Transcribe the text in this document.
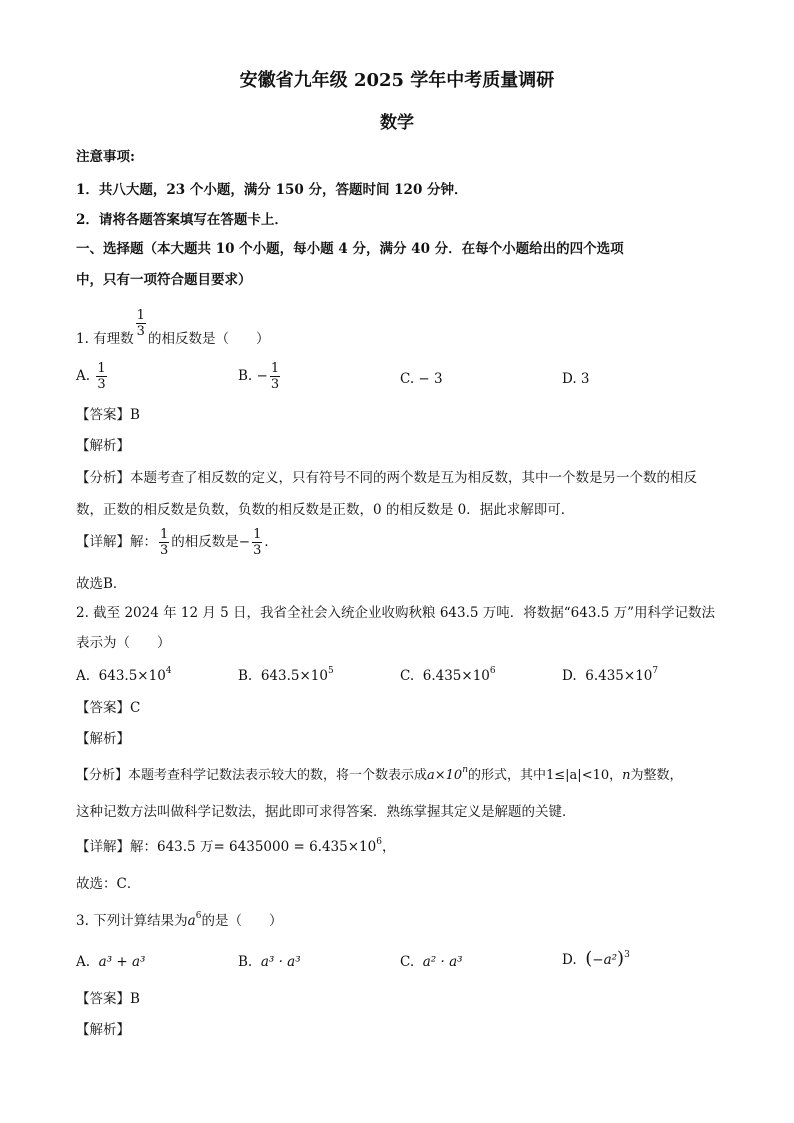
安徽省九年级 2025 学年中考质量调研
数学
注意事项:
1．共八大题，23 个小题，满分 150 分，答题时间 120 分钟．
2．请将各题答案填写在答题卡上．
一、选择题（本大题共 10 个小题，每小题 4 分，满分 40 分．在每个小题给出的四个选项
中，只有一项符合题目要求）
1. 有理数 $\frac{1}{3}$ 的相反数是（　　）
A. $\frac{1}{3}$	B. − $\frac{1}{3}$	C. − 3	D. 3
【答案】B
【解析】
【分析】本题考查了相反数的定义，只有符号不同的两个数是互为相反数，其中一个数是另一个数的相反
数，正数的相反数是负数，负数的相反数是正数，0 的相反数是 0．据此求解即可．
【详解】解： $\frac{1}{3}$ 的相反数是− $\frac{1}{3}$ ．
故选B．
2. 截至 2024 年 12 月 5 日，我省全社会入统企业收购秋粮 643.5 万吨．将数据“643.5 万”用科学记数法
表示为（　　）
A. $643.5\times 10^4$	B. $643.5\times 10^5$	C. $6.435\times 10^6$	D. $6.435\times 10^7$
【答案】C
【解析】
【分析】本题考查科学记数法表示较大的数，将一个数表示成$a\times 10^n$的形式，其中1≤|a|<10，n为整数，
这种记数方法叫做科学记数法，据此即可求得答案．熟练掌握其定义是解题的关键．
【详解】解：643.5 万= $6435000 = 6.435\times 10^6$，
故选：C．
3. 下列计算结果为$a^6$的是（　　）
A. a³ + a³	B. a³ · a³	C. a² · a³	D. $(-a^2)^3$
【答案】B
【解析】
